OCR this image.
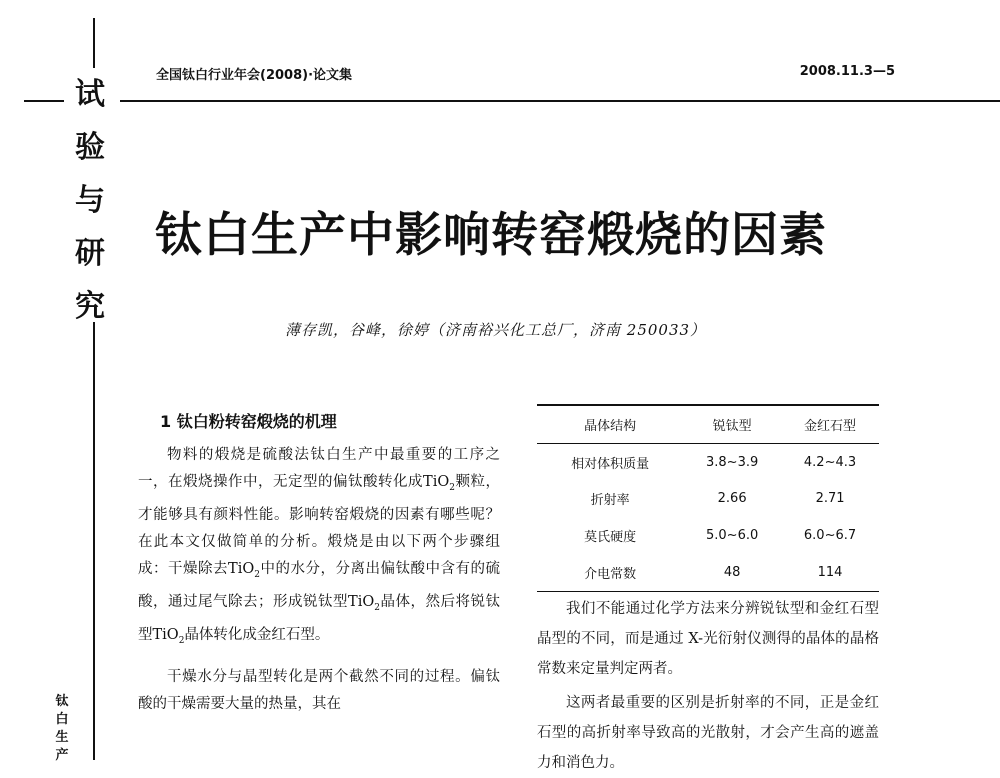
试
验
与
研
究
钛
白
生
产
全国钛白行业年会(2008)·论文集	2008.11.3—5
钛白生产中影响转窑煅烧的因素
薄存凯，谷峰，徐婷（济南裕兴化工总厂，济南 250033）
1 钛白粉转窑煅烧的机理

物料的煅烧是硫酸法钛白生产中最重要的工序之一，在煅烧操作中，无定型的偏钛酸转化成TiO$_2$颗粒，才能够具有颜料性能。影响转窑煅烧的因素有哪些呢？在此本文仅做简单的分析。煅烧是由以下两个步骤组成：干燥除去TiO$_2$中的水分，分离出偏钛酸中含有的硫酸，通过尾气除去；形成锐钛型TiO$_2$晶体，然后将锐钛型TiO$_2$晶体转化成金红石型。

干燥水分与晶型转化是两个截然不同的过程。偏钛酸的干燥需要大量的热量，其在

晶体结构	锐钛型	金红石型
相对体积质量	3.8~3.9	4.2~4.3
折射率	2.66	2.71
莫氏硬度	5.0~6.0	6.0~6.7
介电常数	48	114

我们不能通过化学方法来分辨锐钛型和金红石型晶型的不同，而是通过 X-光衍射仪测得的晶体的晶格常数来定量判定两者。

这两者最重要的区别是折射率的不同，正是金红石型的高折射率导致高的光散射，才会产生高的遮盖力和消色力。
